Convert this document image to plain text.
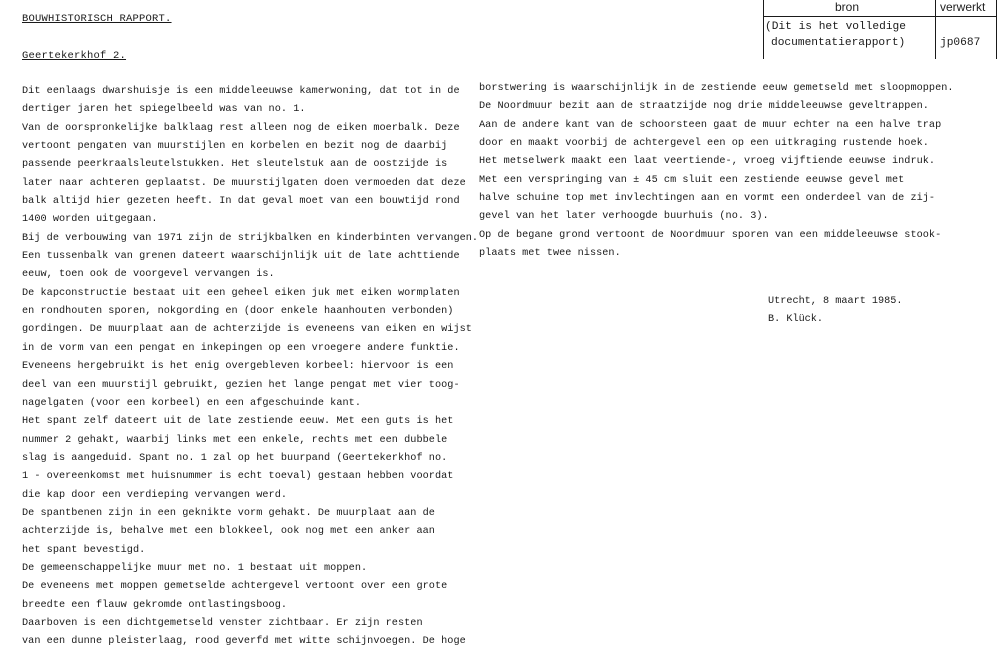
BOUWHISTORISCH RAPPORT.
Geertekerkhof 2.
bron	verwerkt
(Dit is het volledige
documentatierapport)	jp0687
Dit eenlaags dwarshuisje is een middeleeuwse kamerwoning, dat tot in de
dertiger jaren het spiegelbeeld was van no. 1.
Van de oorspronkelijke balklaag rest alleen nog de eiken moerbalk. Deze
vertoont pengaten van muurstijlen en korbelen en bezit nog de daarbij
passende peerkraalsleutelstukken. Het sleutelstuk aan de oostzijde is
later naar achteren geplaatst. De muurstijlgaten doen vermoeden dat deze
balk altijd hier gezeten heeft. In dat geval moet van een bouwtijd rond
1400 worden uitgegaan.
Bij de verbouwing van 1971 zijn de strijkbalken en kinderbinten vervangen.
Een tussenbalk van grenen dateert waarschijnlijk uit de late achttiende
eeuw, toen ook de voorgevel vervangen is.
De kapconstructie bestaat uit een geheel eiken juk met eiken wormplaten
en rondhouten sporen, nokgording en (door enkele haanhouten verbonden)
gordingen. De muurplaat aan de achterzijde is eveneens van eiken en wijst
in de vorm van een pengat en inkepingen op een vroegere andere funktie.
Eveneens hergebruikt is het enig overgebleven korbeel: hiervoor is een
deel van een muurstijl gebruikt, gezien het lange pengat met vier toog-
nagelgaten (voor een korbeel) en een afgeschuinde kant.
Het spant zelf dateert uit de late zestiende eeuw. Met een guts is het
nummer 2 gehakt, waarbij links met een enkele, rechts met een dubbele
slag is aangeduid. Spant no. 1 zal op het buurpand (Geertekerkhof no.
1 - overeenkomst met huisnummer is echt toeval) gestaan hebben voordat
die kap door een verdieping vervangen werd.
De spantbenen zijn in een geknikte vorm gehakt. De muurplaat aan de
achterzijde is, behalve met een blokkeel, ook nog met een anker aan
het spant bevestigd.
De gemeenschappelijke muur met no. 1 bestaat uit moppen.
De eveneens met moppen gemetselde achtergevel vertoont over een grote
breedte een flauw gekromde ontlastingsboog.
Daarboven is een dichtgemetseld venster zichtbaar. Er zijn resten
van een dunne pleisterlaag, rood geverfd met witte schijnvoegen. De hoge
borstwering is waarschijnlijk in de zestiende eeuw gemetseld met sloopmoppen.
De Noordmuur bezit aan de straatzijde nog drie middeleeuwse geveltrappen.
Aan de andere kant van de schoorsteen gaat de muur echter na een halve trap
door en maakt voorbij de achtergevel een op een uitkraging rustende hoek.
Het metselwerk maakt een laat veertiende-, vroeg vijftiende eeuwse indruk.
Met een verspringing van ± 45 cm sluit een zestiende eeuwse gevel met
halve schuine top met invlechtingen aan en vormt een onderdeel van de zij-
gevel van het later verhoogde buurhuis (no. 3).
Op de begane grond vertoont de Noordmuur sporen van een middeleeuwse stook-
plaats met twee nissen.
Utrecht, 8 maart 1985.
B. Klück.
